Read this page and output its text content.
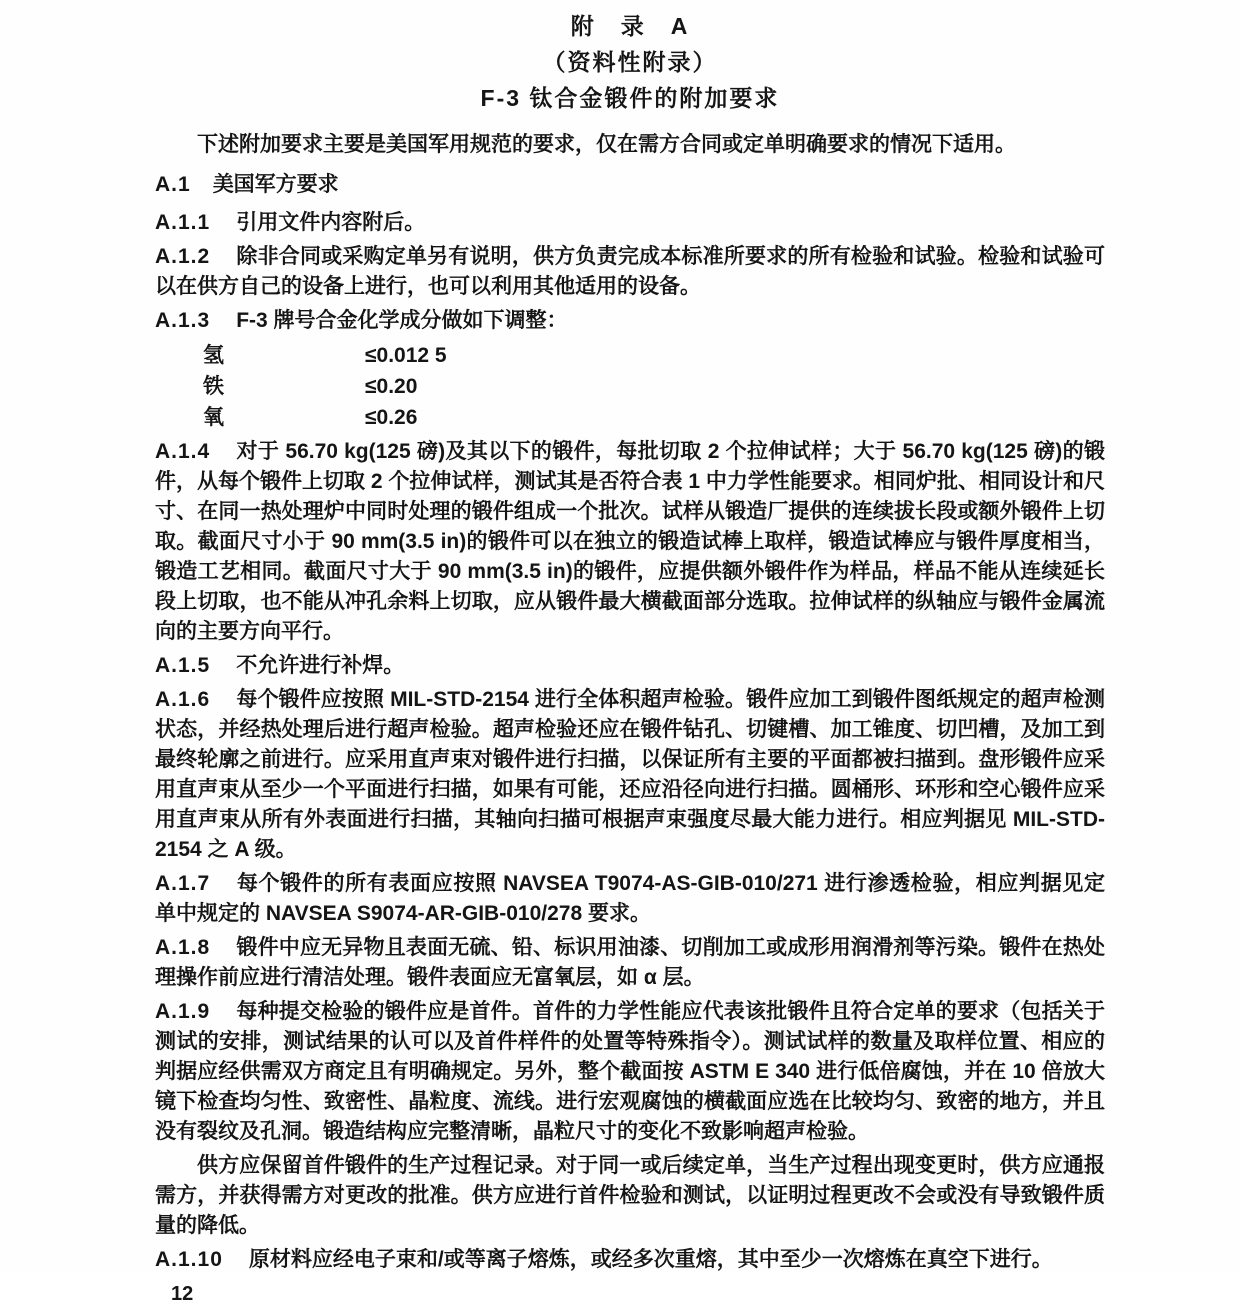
附　录　A
（资料性附录）
F-3 钛合金锻件的附加要求

下述附加要求主要是美国军用规范的要求，仅在需方合同或定单明确要求的情况下适用。

A.1 美国军方要求

A.1.1 引用文件内容附后。

A.1.2 除非合同或采购定单另有说明，供方负责完成本标准所要求的所有检验和试验。检验和试验可以在供方自己的设备上进行，也可以利用其他适用的设备。

A.1.3 F-3 牌号合金化学成分做如下调整：

氢	≤0.012 5
铁	≤0.20
氧	≤0.26

A.1.4 对于 56.70 kg(125 磅)及其以下的锻件，每批切取 2 个拉伸试样；大于 56.70 kg(125 磅)的锻件，从每个锻件上切取 2 个拉伸试样，测试其是否符合表 1 中力学性能要求。相同炉批、相同设计和尺寸、在同一热处理炉中同时处理的锻件组成一个批次。试样从锻造厂提供的连续拔长段或额外锻件上切取。截面尺寸小于 90 mm(3.5 in)的锻件可以在独立的锻造试棒上取样，锻造试棒应与锻件厚度相当，锻造工艺相同。截面尺寸大于 90 mm(3.5 in)的锻件，应提供额外锻件作为样品，样品不能从连续延长段上切取，也不能从冲孔余料上切取，应从锻件最大横截面部分选取。拉伸试样的纵轴应与锻件金属流向的主要方向平行。

A.1.5 不允许进行补焊。

A.1.6 每个锻件应按照 MIL-STD-2154 进行全体积超声检验。锻件应加工到锻件图纸规定的超声检测状态，并经热处理后进行超声检验。超声检验还应在锻件钻孔、切键槽、加工锥度、切凹槽，及加工到最终轮廓之前进行。应采用直声束对锻件进行扫描，以保证所有主要的平面都被扫描到。盘形锻件应采用直声束从至少一个平面进行扫描，如果有可能，还应沿径向进行扫描。圆桶形、环形和空心锻件应采用直声束从所有外表面进行扫描，其轴向扫描可根据声束强度尽最大能力进行。相应判据见 MIL-STD-2154 之 A 级。

A.1.7 每个锻件的所有表面应按照 NAVSEA T9074-AS-GIB-010/271 进行渗透检验，相应判据见定单中规定的 NAVSEA S9074-AR-GIB-010/278 要求。

A.1.8 锻件中应无异物且表面无硫、铅、标识用油漆、切削加工或成形用润滑剂等污染。锻件在热处理操作前应进行清洁处理。锻件表面应无富氧层，如 α 层。

A.1.9 每种提交检验的锻件应是首件。首件的力学性能应代表该批锻件且符合定单的要求（包括关于测试的安排，测试结果的认可以及首件样件的处置等特殊指令）。测试试样的数量及取样位置、相应的判据应经供需双方商定且有明确规定。另外，整个截面按 ASTM E 340 进行低倍腐蚀，并在 10 倍放大镜下检查均匀性、致密性、晶粒度、流线。进行宏观腐蚀的横截面应选在比较均匀、致密的地方，并且没有裂纹及孔洞。锻造结构应完整清晰，晶粒尺寸的变化不致影响超声检验。

供方应保留首件锻件的生产过程记录。对于同一或后续定单，当生产过程出现变更时，供方应通报需方，并获得需方对更改的批准。供方应进行首件检验和测试，以证明过程更改不会或没有导致锻件质量的降低。

A.1.10 原材料应经电子束和/或等离子熔炼，或经多次重熔，其中至少一次熔炼在真空下进行。

12
